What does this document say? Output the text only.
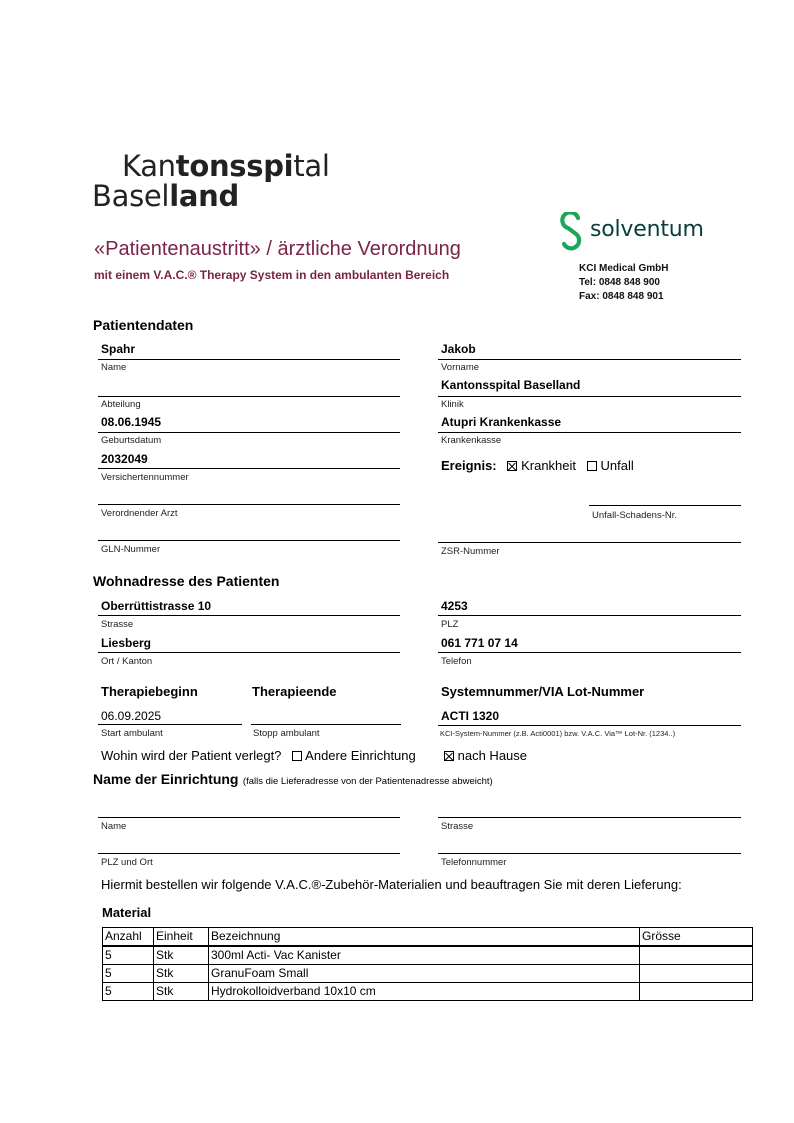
Kantonsspital
Baselland
solventum
KCI Medical GmbH
Tel: 0848 848 900
Fax: 0848 848 901
«Patientenaustritt» / ärztliche Verordnung
mit einem V.A.C.® Therapy System in den ambulanten Bereich
Patientendaten
Spahr
Name
Jakob
Vorname
Abteilung
Kantonsspital Baselland
Klinik
08.06.1945
Geburtsdatum
Atupri Krankenkasse
Krankenkasse
2032049
Versichertennummer
Ereignis: Krankheit Unfall
Verordnender Arzt	Unfall-Schadens-Nr.
GLN-Nummer	ZSR-Nummer
Wohnadresse des Patienten
Oberrüttistrasse 10
Strasse
4253
PLZ
Liesberg
Ort / Kanton
061 771 07 14
Telefon
Therapiebeginn	Therapieende	Systemnummer/VIA Lot-Nummer
06.09.2025
Start ambulant	Stopp ambulant
ACTI 1320
KCI-System-Nummer (z.B. Acti0001) bzw. V.A.C. Via™ Lot-Nr. (1234..)
Wohin wird der Patient verlegt? Andere Einrichtung	nach Hause
Name der Einrichtung (falls die Lieferadresse von der Patientenadresse abweicht)
Name	Strasse
PLZ und Ort	Telefonnummer
Hiermit bestellen wir folgende V.A.C.®-Zubehör-Materialien und beauftragen Sie mit deren Lieferung:
Material
Anzahl	Einheit	Bezeichnung	Grösse
5	Stk	300ml Acti- Vac Kanister	
5	Stk	GranuFoam Small	
5	Stk	Hydrokolloidverband 10x10 cm	
